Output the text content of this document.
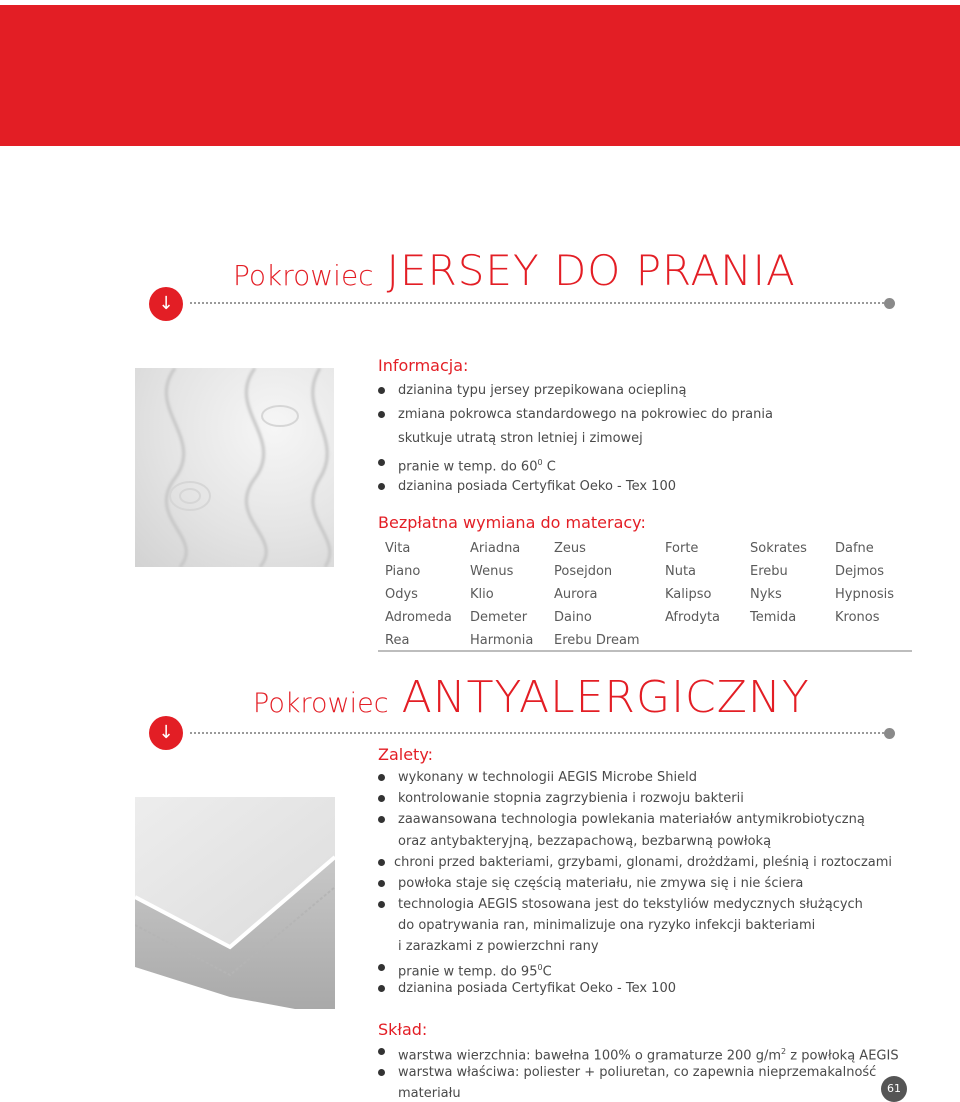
Pokrowiec JERSEY DO PRANIA
↓
Informacja:
dzianina typu jersey przepikowana ociepliną
zmiana pokrowca standardowego na pokrowiec do prania
skutkuje utratą stron letniej i zimowej
pranie w temp. do $60^0$ C
dzianina posiada Certyfikat Oeko - Tex 100
Bezpłatna wymiana do materacy:
Vita
Piano
Odys
Adromeda
Rea
Ariadna
Wenus
Klio
Demeter
Harmonia
Zeus
Posejdon
Aurora
Daino
Erebu Dream
Forte
Nuta
Kalipso
Afrodyta
Sokrates
Erebu
Nyks
Temida
Dafne
Dejmos
Hypnosis
Kronos
Pokrowiec ANTYALERGICZNY
↓
Zalety:
wykonany w technologii AEGIS Microbe Shield
kontrolowanie stopnia zagrzybienia i rozwoju bakterii
zaawansowana technologia powlekania materiałów antymikrobiotyczną
oraz antybakteryjną, bezzapachową, bezbarwną powłoką
chroni przed bakteriami, grzybami, glonami, drożdżami, pleśnią i roztoczami
powłoka staje się częścią materiału, nie zmywa się i nie ściera
technologia AEGIS stosowana jest do tekstyliów medycznych służących
do opatrywania ran, minimalizuje ona ryzyko infekcji bakteriami
i zarazkami z powierzchni rany
pranie w temp. do $95^0C$
dzianina posiada Certyfikat Oeko - Tex 100
Skład:
warstwa wierzchnia: bawełna 100% o gramaturze 200 $g/m^2$ z powłoką AEGIS
warstwa właściwa: poliester + poliuretan, co zapewnia nieprzemakalność
materiału	61
